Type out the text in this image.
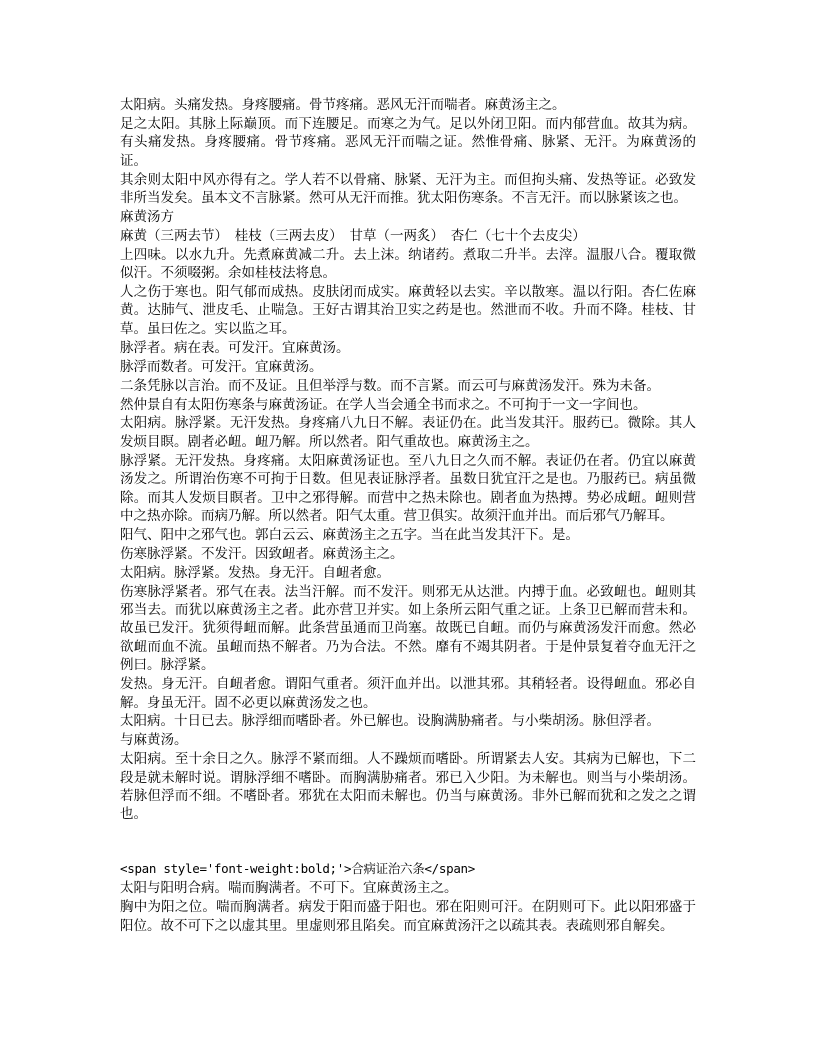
太阳病。头痛发热。身疼腰痛。骨节疼痛。恶风无汗而喘者。麻黄汤主之。

足之太阳。其脉上际巅顶。而下连腰足。而寒之为气。足以外闭卫阳。而内郁营血。故其为病。有头痛发热。身疼腰痛。骨节疼痛。恶风无汗而喘之证。然惟骨痛、脉紧、无汗。为麻黄汤的证。

其余则太阳中风亦得有之。学人若不以骨痛、脉紧、无汗为主。而但拘头痛、发热等证。必致发非所当发矣。虽本文不言脉紧。然可从无汗而推。犹太阳伤寒条。不言无汗。而以脉紧该之也。

麻黄汤方

麻黄（三两去节）　桂枝（三两去皮）　甘草（一两炙）　杏仁（七十个去皮尖）

上四味。以水九升。先煮麻黄减二升。去上沫。纳诸药。煮取二升半。去滓。温服八合。覆取微似汗。不须啜粥。余如桂枝法将息。

人之伤于寒也。阳气郁而成热。皮肤闭而成实。麻黄轻以去实。辛以散寒。温以行阳。杏仁佐麻黄。达肺气、泄皮毛、止喘急。王好古谓其治卫实之药是也。然泄而不收。升而不降。桂枝、甘草。虽曰佐之。实以监之耳。

脉浮者。病在表。可发汗。宜麻黄汤。

脉浮而数者。可发汗。宜麻黄汤。

二条凭脉以言治。而不及证。且但举浮与数。而不言紧。而云可与麻黄汤发汗。殊为未备。

然仲景自有太阳伤寒条与麻黄汤证。在学人当会通全书而求之。不可拘于一文一字间也。

太阳病。脉浮紧。无汗发热。身疼痛八九日不解。表证仍在。此当发其汗。服药已。微除。其人发烦目瞑。剧者必衄。衄乃解。所以然者。阳气重故也。麻黄汤主之。

脉浮紧。无汗发热。身疼痛。太阳麻黄汤证也。至八九日之久而不解。表证仍在者。仍宜以麻黄汤发之。所谓治伤寒不可拘于日数。但见表证脉浮者。虽数日犹宜汗之是也。乃服药已。病虽微除。而其人发烦目瞑者。卫中之邪得解。而营中之热未除也。剧者血为热搏。势必成衄。衄则营中之热亦除。而病乃解。所以然者。阳气太重。营卫俱实。故须汗血并出。而后邪气乃解耳。

阳气、阳中之邪气也。郭白云云、麻黄汤主之五字。当在此当发其汗下。是。

伤寒脉浮紧。不发汗。因致衄者。麻黄汤主之。

太阳病。脉浮紧。发热。身无汗。自衄者愈。

伤寒脉浮紧者。邪气在表。法当汗解。而不发汗。则邪无从达泄。内搏于血。必致衄也。衄则其邪当去。而犹以麻黄汤主之者。此亦营卫并实。如上条所云阳气重之证。上条卫已解而营未和。故虽已发汗。犹须得衄而解。此条营虽通而卫尚塞。故既已自衄。而仍与麻黄汤发汗而愈。然必欲衄而血不流。虽衄而热不解者。乃为合法。不然。靡有不竭其阴者。于是仲景复着夺血无汗之例曰。脉浮紧。

发热。身无汗。自衄者愈。谓阳气重者。须汗血并出。以泄其邪。其稍轻者。设得衄血。邪必自解。身虽无汗。固不必更以麻黄汤发之也。

太阳病。十日已去。脉浮细而嗜卧者。外已解也。设胸满胁痛者。与小柴胡汤。脉但浮者。

与麻黄汤。

太阳病。至十余日之久。脉浮不紧而细。人不躁烦而嗜卧。所谓紧去人安。其病为已解也，下二段是就未解时说。谓脉浮细不嗜卧。而胸满胁痛者。邪已入少阳。为未解也。则当与小柴胡汤。若脉但浮而不细。不嗜卧者。邪犹在太阳而未解也。仍当与麻黄汤。非外已解而犹和之发之之谓也。

<span style='font-weight:bold;'>合病证治六条</span>

太阳与阳明合病。喘而胸满者。不可下。宜麻黄汤主之。

胸中为阳之位。喘而胸满者。病发于阳而盛于阳也。邪在阳则可汗。在阴则可下。此以阳邪盛于阳位。故不可下之以虚其里。里虚则邪且陷矣。而宜麻黄汤汗之以疏其表。表疏则邪自解矣。
